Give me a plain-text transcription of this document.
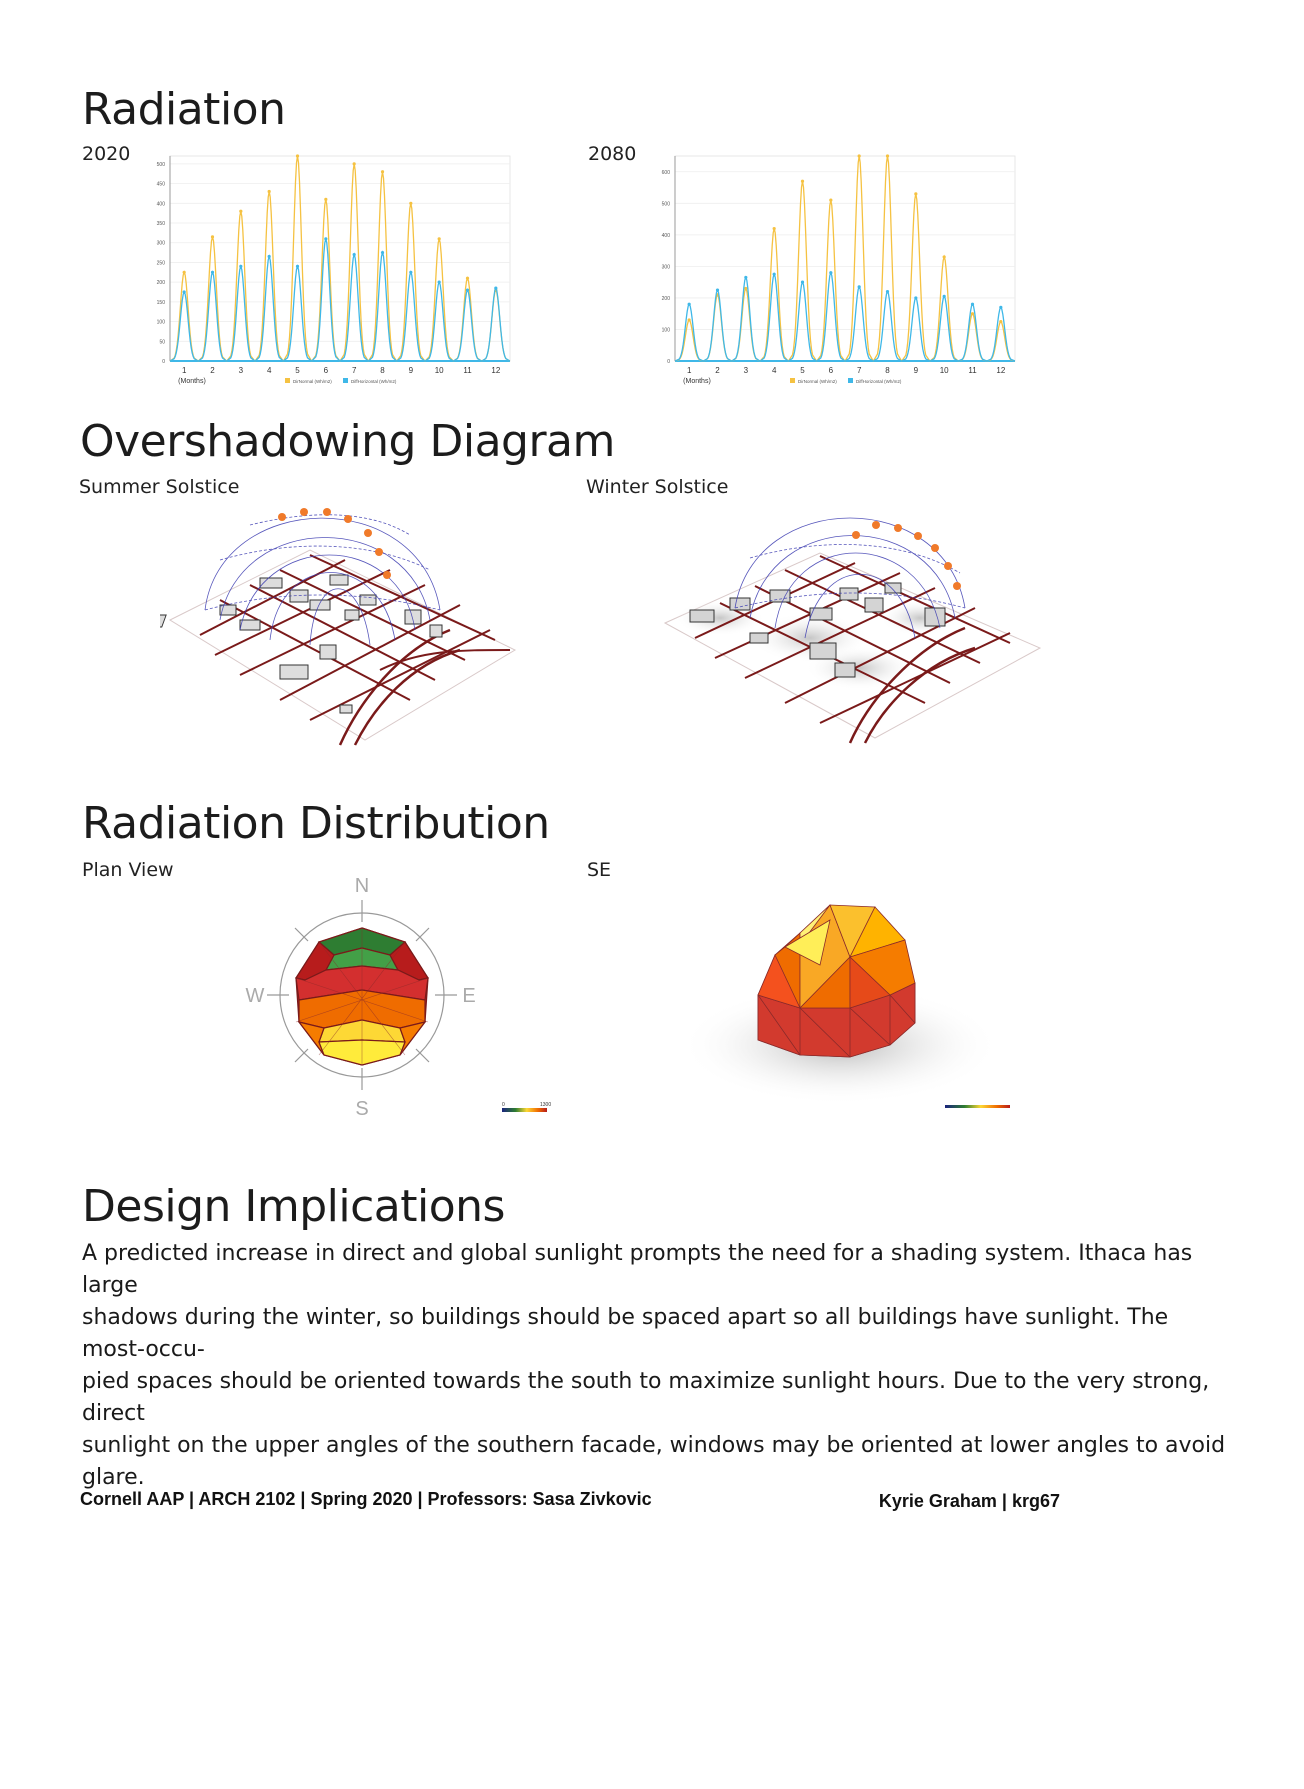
Radiation
2020	2080
0
50
100
150
200
250
300
350
400
450
500
1	2	3	4	5	6	7	8	9	10 11 12
(Months)	DirNormal (Wh/m2)	DiffHorizontal (Wh/m2)
0
100
200
300
400
500
600
1	2	3	4	5	6	7	8	9	10 11 12
(Months)	DirNormal (Wh/m2)	DiffHorizontal (Wh/m2)
Overshadowing Diagram
Summer Solstice	Winter Solstice
Radiation Distribution
Plan View	SE
N
S
W	E
0	1300
Design Implications
A predicted increase in direct and global sunlight prompts the need for a shading system. Ithaca has large
shadows during the winter, so buildings should be spaced apart so all buildings have sunlight. The most-occu-
pied spaces should be oriented towards the south to maximize sunlight hours. Due to the very strong, direct
sunlight on the upper angles of the southern facade, windows may be oriented at lower angles to avoid glare.
Cornell AAP | ARCH 2102 | Spring 2020 | Professors: Sasa Zivkovic	Kyrie Graham | krg67
